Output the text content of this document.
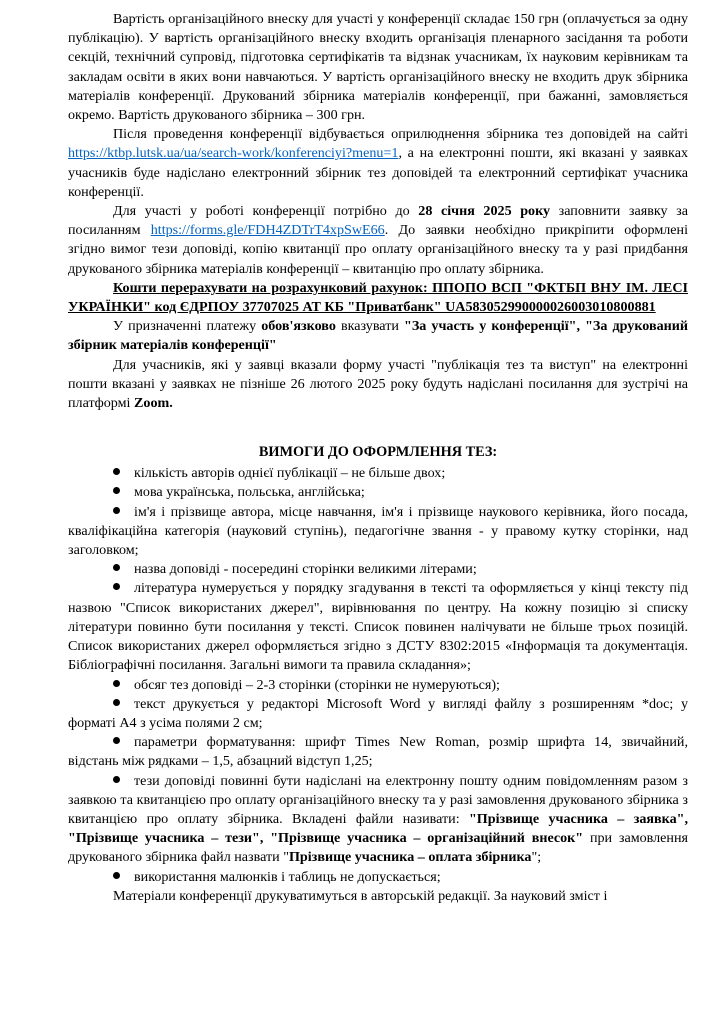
Вартість організаційного внеску для участі у конференції складає 150 грн (оплачується за одну публікацію). У вартість організаційного внеску входить організація пленарного засідання та роботи секцій, технічний супровід, підготовка сертифікатів та відзнак учасникам, їх науковим керівникам та закладам освіти в яких вони навчаються. У вартість організаційного внеску не входить друк збірника матеріалів конференції. Друкований збірника матеріалів конференції, при бажанні, замовляється окремо. Вартість друкованого збірника – 300 грн.

Після проведення конференції відбувається оприлюднення збірника тез доповідей на сайті https://ktbp.lutsk.ua/ua/search-work/konferenciyi?menu=1, а на електронні пошти, які вказані у заявках учасників буде надіслано електронний збірник тез доповідей та електронний сертифікат учасника конференції.

Для участі у роботі конференції потрібно до 28 січня 2025 року заповнити заявку за посиланням https://forms.gle/FDH4ZDTrT4xpSwE66. До заявки необхідно прикріпити оформлені згідно вимог тези доповіді, копію квитанції про оплату організаційного внеску та у разі придбання друкованого збірника матеріалів конференції – квитанцію про оплату збірника.

Кошти перерахувати на розрахунковий рахунок: ППОПО ВСП "ФКТБП ВНУ ІМ. ЛЕСІ УКРАЇНКИ" код ЄДРПОУ 37707025 АТ КБ "Приватбанк" UA583052990000026003010800881

У призначенні платежу обов'язково вказувати "За участь у конференції", "За друкований збірник матеріалів конференції"

Для учасників, які у заявці вказали форму участі "публікація тез та виступ" на електронні пошти вказані у заявках не пізніше 26 лютого 2025 року будуть надіслані посилання для зустрічі на платформі Zoom.

ВИМОГИ ДО ОФОРМЛЕННЯ ТЕЗ:
кількість авторів однієї публікації – не більше двох;
мова українська, польська, англійська;
ім'я і прізвище автора, місце навчання, ім'я і прізвище наукового керівника, його посада, кваліфікаційна категорія (науковий ступінь), педагогічне звання - у правому кутку сторінки, над заголовком;
назва доповіді - посередині сторінки великими літерами;
література нумерується у порядку згадування в тексті та оформляється у кінці тексту під назвою "Список використаних джерел", вирівнювання по центру. На кожну позицію зі списку літератури повинно бути посилання у тексті. Список повинен налічувати не більше трьох позицій. Список використаних джерел оформляється згідно з ДСТУ 8302:2015 «Інформація та документація. Бібліографічні посилання. Загальні вимоги та правила складання»;
обсяг тез доповіді – 2-3 сторінки (сторінки не нумеруються);
текст друкується у редакторі Microsoft Word у вигляді файлу з розширенням *doc; у форматі А4 з усіма полями 2 см;
параметри форматування: шрифт Times New Roman, розмір шрифта 14, звичайний, відстань між рядками – 1,5, абзацний відступ 1,25;
тези доповіді повинні бути надіслані на електронну пошту одним повідомленням разом з заявкою та квитанцією про оплату організаційного внеску та у разі замовлення друкованого збірника з квитанцією про оплату збірника. Вкладені файли називати: "Прізвище учасника – заявка", "Прізвище учасника – тези", "Прізвище учасника – організаційний внесок" при замовлення друкованого збірника файл назвати "Прізвище учасника – оплата збірника";
використання малюнків і таблиць не допускається;

Матеріали конференції друкуватимуться в авторській редакції. За науковий зміст і
